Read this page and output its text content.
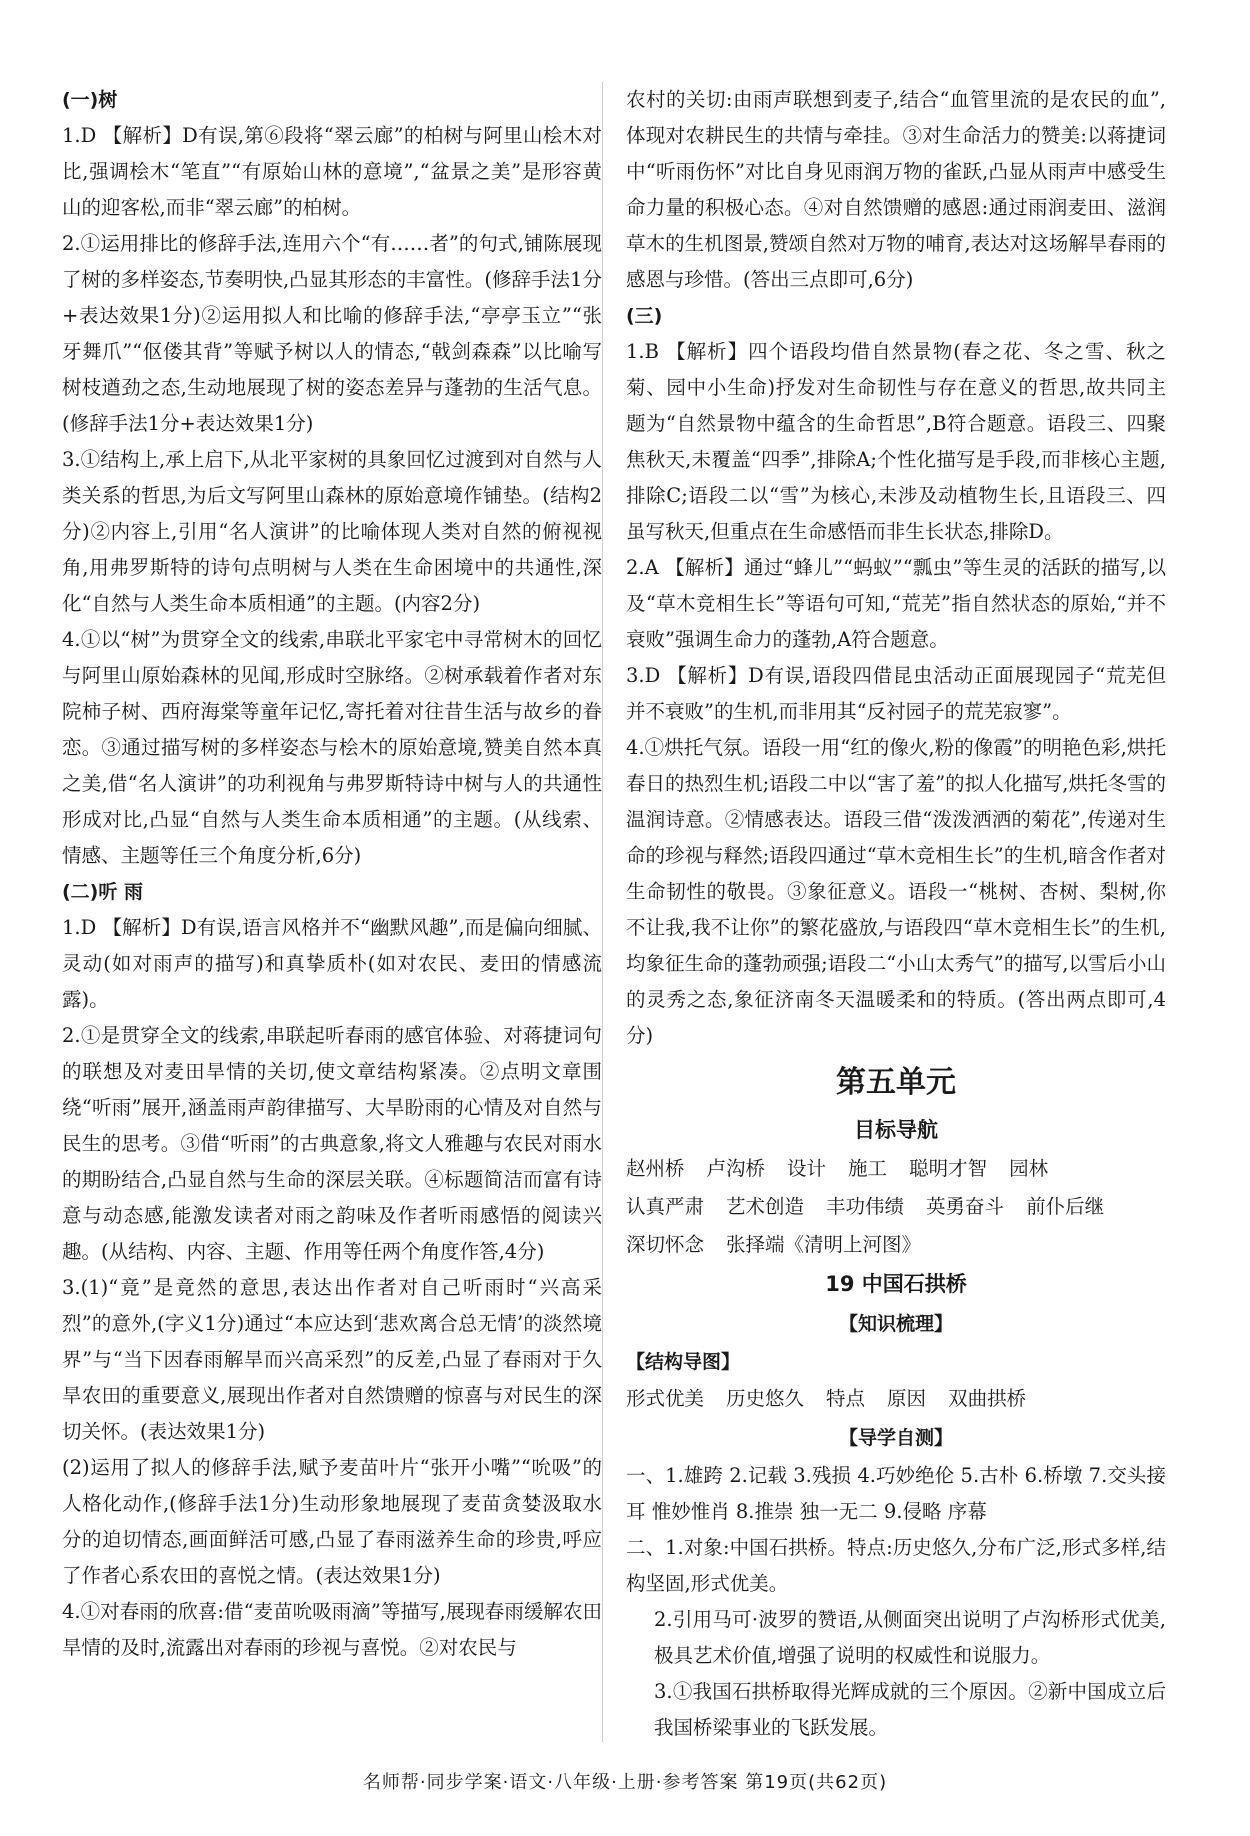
(一)树

1.D 【解析】D有误,第⑥段将“翠云廊”的柏树与阿里山桧木对比,强调桧木“笔直”“有原始山林的意境”,“盆景之美”是形容黄山的迎客松,而非“翠云廊”的柏树。

2.①运用排比的修辞手法,连用六个“有……者”的句式,铺陈展现了树的多样姿态,节奏明快,凸显其形态的丰富性。(修辞手法1分+表达效果1分)②运用拟人和比喻的修辞手法,“亭亭玉立”“张牙舞爪”“伛偻其背”等赋予树以人的情态,“戟剑森森”以比喻写树枝遒劲之态,生动地展现了树的姿态差异与蓬勃的生活气息。(修辞手法1分+表达效果1分)

3.①结构上,承上启下,从北平家树的具象回忆过渡到对自然与人类关系的哲思,为后文写阿里山森林的原始意境作铺垫。(结构2分)②内容上,引用“名人演讲”的比喻体现人类对自然的俯视视角,用弗罗斯特的诗句点明树与人类在生命困境中的共通性,深化“自然与人类生命本质相通”的主题。(内容2分)

4.①以“树”为贯穿全文的线索,串联北平家宅中寻常树木的回忆与阿里山原始森林的见闻,形成时空脉络。②树承载着作者对东院柿子树、西府海棠等童年记忆,寄托着对往昔生活与故乡的眷恋。③通过描写树的多样姿态与桧木的原始意境,赞美自然本真之美,借“名人演讲”的功利视角与弗罗斯特诗中树与人的共通性形成对比,凸显“自然与人类生命本质相通”的主题。(从线索、情感、主题等任三个角度分析,6分)

(二)听 雨

1.D 【解析】D有误,语言风格并不“幽默风趣”,而是偏向细腻、灵动(如对雨声的描写)和真挚质朴(如对农民、麦田的情感流露)。

2.①是贯穿全文的线索,串联起听春雨的感官体验、对蒋捷词句的联想及对麦田旱情的关切,使文章结构紧凑。②点明文章围绕“听雨”展开,涵盖雨声韵律描写、大旱盼雨的心情及对自然与民生的思考。③借“听雨”的古典意象,将文人雅趣与农民对雨水的期盼结合,凸显自然与生命的深层关联。④标题简洁而富有诗意与动态感,能激发读者对雨之韵味及作者听雨感悟的阅读兴趣。(从结构、内容、主题、作用等任两个角度作答,4分)

3.(1)“竟”是竟然的意思,表达出作者对自己听雨时“兴高采烈”的意外,(字义1分)通过“本应达到‘悲欢离合总无情’的淡然境界”与“当下因春雨解旱而兴高采烈”的反差,凸显了春雨对于久旱农田的重要意义,展现出作者对自然馈赠的惊喜与对民生的深切关怀。(表达效果1分)

(2)运用了拟人的修辞手法,赋予麦苗叶片“张开小嘴”“吮吸”的人格化动作,(修辞手法1分)生动形象地展现了麦苗贪婪汲取水分的迫切情态,画面鲜活可感,凸显了春雨滋养生命的珍贵,呼应了作者心系农田的喜悦之情。(表达效果1分)

4.①对春雨的欣喜:借“麦苗吮吸雨滴”等描写,展现春雨缓解农田旱情的及时,流露出对春雨的珍视与喜悦。②对农民与

农村的关切:由雨声联想到麦子,结合“血管里流的是农民的血”,体现对农耕民生的共情与牵挂。③对生命活力的赞美:以蒋捷词中“听雨伤怀”对比自身见雨润万物的雀跃,凸显从雨声中感受生命力量的积极心态。④对自然馈赠的感恩:通过雨润麦田、滋润草木的生机图景,赞颂自然对万物的哺育,表达对这场解旱春雨的感恩与珍惜。(答出三点即可,6分)

(三)

1.B 【解析】四个语段均借自然景物(春之花、冬之雪、秋之菊、园中小生命)抒发对生命韧性与存在意义的哲思,故共同主题为“自然景物中蕴含的生命哲思”,B符合题意。语段三、四聚焦秋天,未覆盖“四季”,排除A;个性化描写是手段,而非核心主题,排除C;语段二以“雪”为核心,未涉及动植物生长,且语段三、四虽写秋天,但重点在生命感悟而非生长状态,排除D。

2.A 【解析】通过“蜂儿”“蚂蚁”“瓢虫”等生灵的活跃的描写,以及“草木竞相生长”等语句可知,“荒芜”指自然状态的原始,“并不衰败”强调生命力的蓬勃,A符合题意。

3.D 【解析】D有误,语段四借昆虫活动正面展现园子“荒芜但并不衰败”的生机,而非用其“反衬园子的荒芜寂寥”。

4.①烘托气氛。语段一用“红的像火,粉的像霞”的明艳色彩,烘托春日的热烈生机;语段二中以“害了羞”的拟人化描写,烘托冬雪的温润诗意。②情感表达。语段三借“泼泼洒洒的菊花”,传递对生命的珍视与释然;语段四通过“草木竞相生长”的生机,暗含作者对生命韧性的敬畏。③象征意义。语段一“桃树、杏树、梨树,你不让我,我不让你”的繁花盛放,与语段四“草木竞相生长”的生机,均象征生命的蓬勃顽强;语段二“小山太秀气”的描写,以雪后小山的灵秀之态,象征济南冬天温暖柔和的特质。(答出两点即可,4分)

第五单元

目标导航

赵州桥 卢沟桥 设计 施工 聪明才智 园林认真严肃 艺术创造 丰功伟绩 英勇奋斗 前仆后继深切怀念 张择端《清明上河图》

19 中国石拱桥

【知识梳理】

【结构导图】

形式优美 历史悠久 特点 原因 双曲拱桥

【导学自测】

一、1.雄跨 2.记载 3.残损 4.巧妙绝伦 5.古朴 6.桥墩 7.交头接耳 惟妙惟肖 8.推崇 独一无二 9.侵略 序幕

二、1.对象:中国石拱桥。特点:历史悠久,分布广泛,形式多样,结构坚固,形式优美。

2.引用马可·波罗的赞语,从侧面突出说明了卢沟桥形式优美,极具艺术价值,增强了说明的权威性和说服力。

3.①我国石拱桥取得光辉成就的三个原因。②新中国成立后我国桥梁事业的飞跃发展。

名师帮·同步学案·语文·八年级·上册·参考答案 第19页(共62页)
